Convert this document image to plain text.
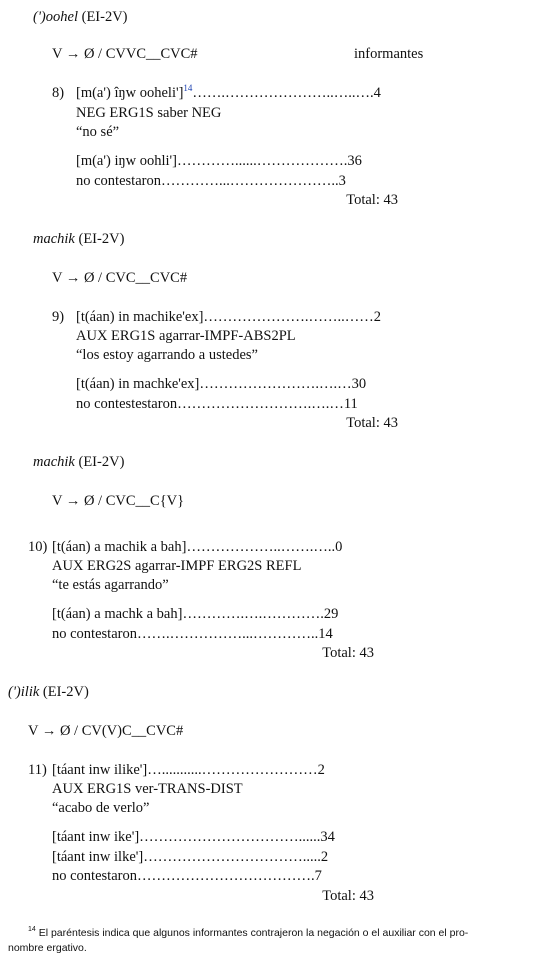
(')oohel (EI-2V)
V → Ø / CVVC__CVC#	informantes
8) [m(a') îŋw ooheli']$^{14}$…….…………………..…..….4
NEG ERG1S saber NEG
“no sé”
[m(a') iŋw oohli']…………......……………….36
no contestaron…………...…………………..3
Total: 43
machik (EI-2V)
V → Ø / CVC__CVC#
9) [t(áan) in machike'ex]………………….……..……2
AUX ERG1S agarrar-IMPF-ABS2PL
“los estoy agarrando a ustedes”
[t(áan) in machke'ex]…………………….….…30
no contestestaron……………………….….…11
Total: 43
machik (EI-2V)
V → Ø / CVC__C{V}
10) [t(áan) a machik a bah]………………..…….…..0
AUX ERG2S agarrar-IMPF ERG2S REFL
“te estás agarrando”
[t(áan) a machk a bah]………….….………….29
no contestaron…….……………...…………..14
Total: 43
(')ilik (EI-2V)
V → Ø / CV(V)C__CVC#
11) [táant inw ilike']…...........……………………2
AUX ERG1S ver-TRANS-DIST
“acabo de verlo”
[táant inw ike']……………………………......34
[táant inw ilke']…………………………….....2
no contestaron……………………………….7
Total: 43
$^{14}$ El paréntesis indica que algunos informantes contrajeron la negación o el auxiliar con el pro-
nombre ergativo.
